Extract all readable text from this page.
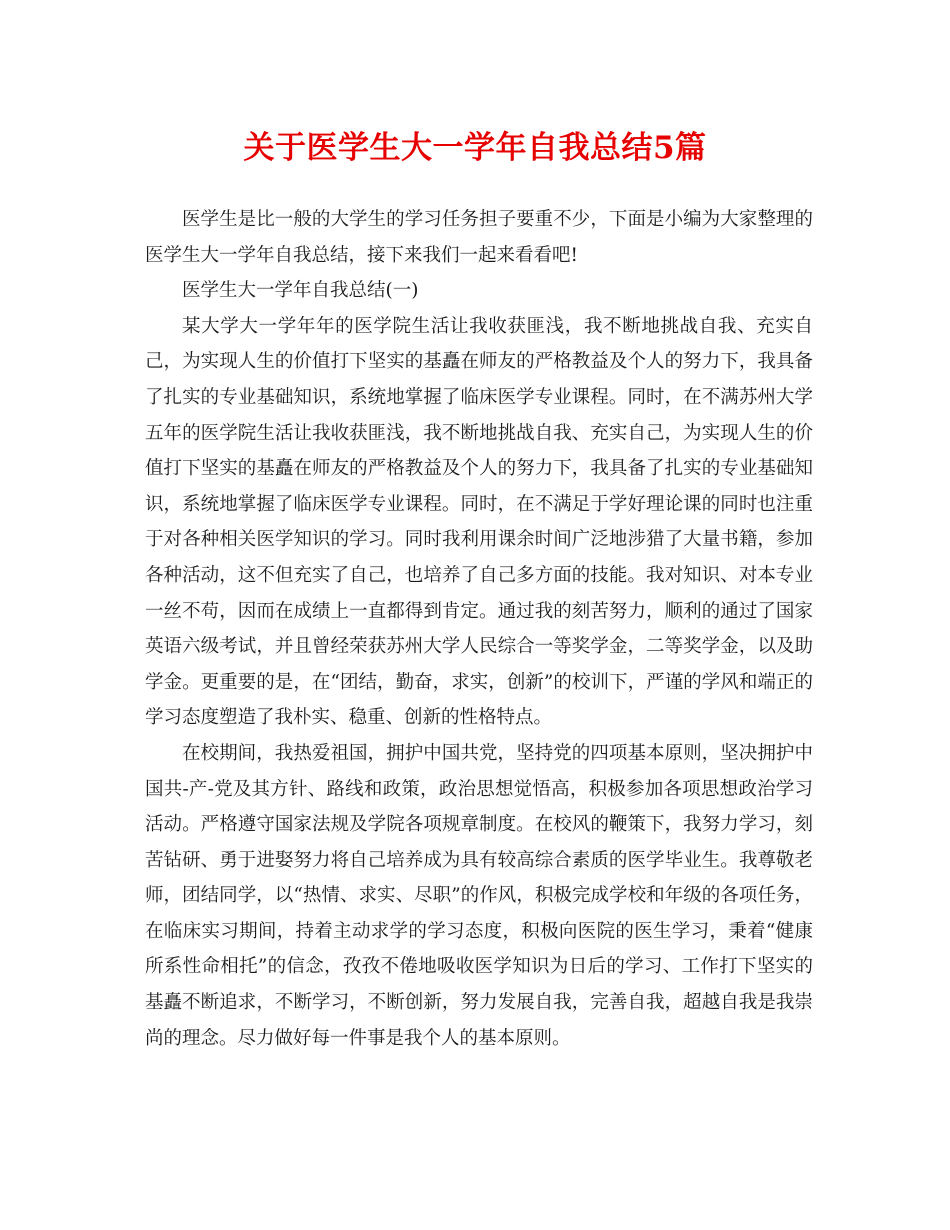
关于医学生大一学年自我总结5篇

医学生是比一般的大学生的学习任务担子要重不少，下面是小编为大家整理的医学生大一学年自我总结，接下来我们一起来看看吧!

医学生大一学年自我总结(一)

某大学大一学年年的医学院生活让我收获匪浅，我不断地挑战自我、充实自己，为实现人生的价值打下坚实的基矗在师友的严格教益及个人的努力下，我具备了扎实的专业基础知识，系统地掌握了临床医学专业课程。同时，在不满苏州大学五年的医学院生活让我收获匪浅，我不断地挑战自我、充实自己，为实现人生的价值打下坚实的基矗在师友的严格教益及个人的努力下，我具备了扎实的专业基础知识，系统地掌握了临床医学专业课程。同时，在不满足于学好理论课的同时也注重于对各种相关医学知识的学习。同时我利用课余时间广泛地涉猎了大量书籍，参加各种活动，这不但充实了自己，也培养了自己多方面的技能。我对知识、对本专业一丝不苟，因而在成绩上一直都得到肯定。通过我的刻苦努力，顺利的通过了国家英语六级考试，并且曾经荣获苏州大学人民综合一等奖学金，二等奖学金，以及助学金。更重要的是，在“团结，勤奋，求实，创新”的校训下，严谨的学风和端正的学习态度塑造了我朴实、稳重、创新的性格特点。

在校期间，我热爱祖国，拥护中国共党，坚持党的四项基本原则，坚决拥护中国共-产-党及其方针、路线和政策，政治思想觉悟高，积极参加各项思想政治学习活动。严格遵守国家法规及学院各项规章制度。在校风的鞭策下，我努力学习，刻苦钻研、勇于进娶努力将自己培养成为具有较高综合素质的医学毕业生。我尊敬老师，团结同学，以“热情、求实、尽职”的作风，积极完成学校和年级的各项任务，在临床实习期间，持着主动求学的学习态度，积极向医院的医生学习，秉着“健康所系性命相托”的信念，孜孜不倦地吸收医学知识为日后的学习、工作打下坚实的基矗不断追求，不断学习，不断创新，努力发展自我，完善自我，超越自我是我崇尚的理念。尽力做好每一件事是我个人的基本原则。
